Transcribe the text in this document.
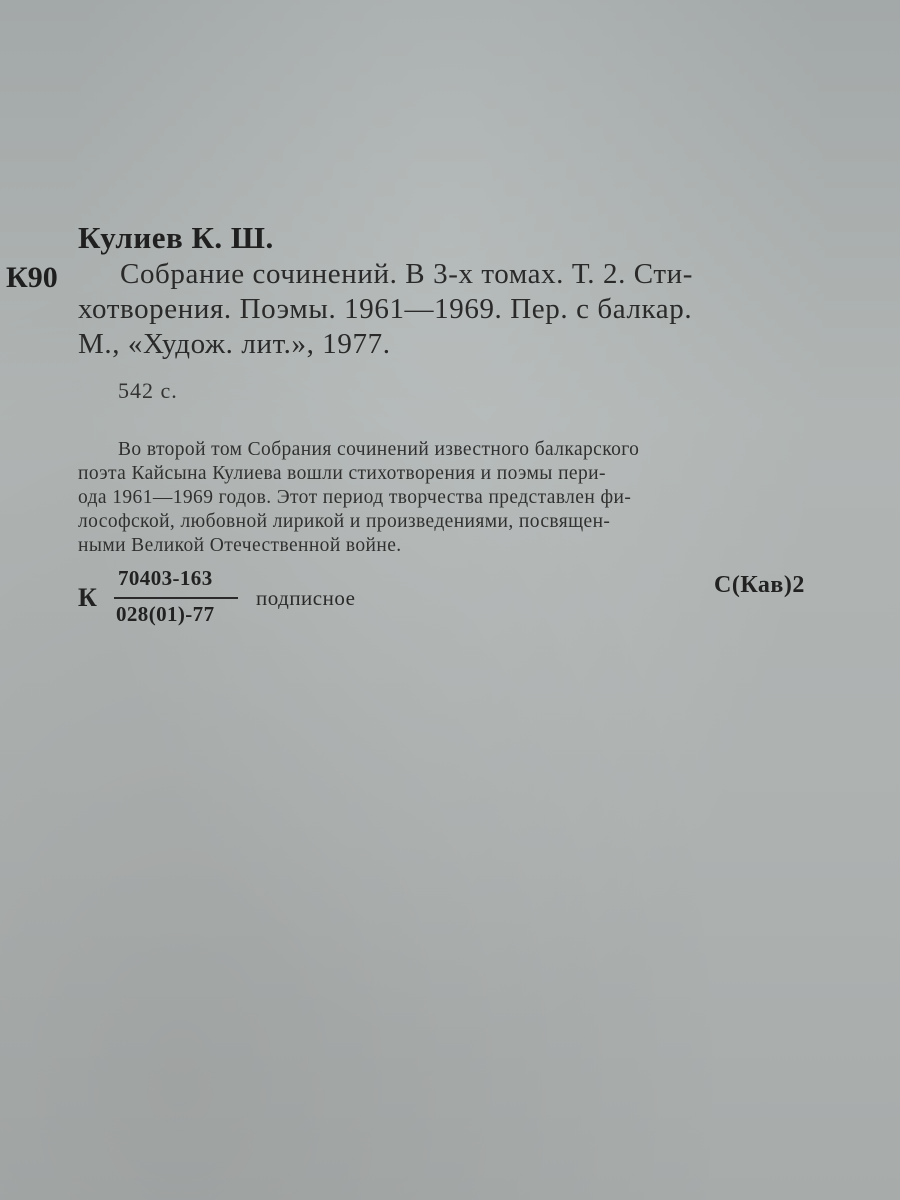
Кулиев К. Ш.
К90 Собрание сочинений. В 3-х томах. Т. 2. Сти-
хотворения. Поэмы. 1961—1969. Пер. с балкар.
М., «Худож. лит.», 1977.
542 с.
Во второй том Собрания сочинений известного балкарского
поэта Кайсына Кулиева вошли стихотворения и поэмы пери-
ода 1961—1969 годов. Этот период творчества представлен фи-
лософской, любовной лирикой и произведениями, посвящен-
ными Великой Отечественной войне.
К
70403-163
028(01)-77
подписное	С(Кав)2
